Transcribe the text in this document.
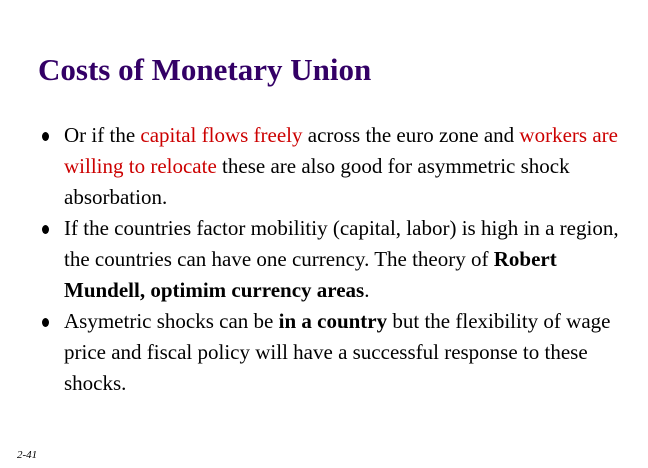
Costs of Monetary Union
Or if the capital flows freely across the euro zone and workers are willing to relocate these are also good for asymmetric shock absorbation.
If the countries factor mobilitiy (capital, labor) is high in a region, the countries can have one currency. The theory of Robert Mundell, optimim currency areas.
Asymetric shocks can be in a country but the flexibility of wage price and fiscal policy will have a successful response to these shocks.
2-41
